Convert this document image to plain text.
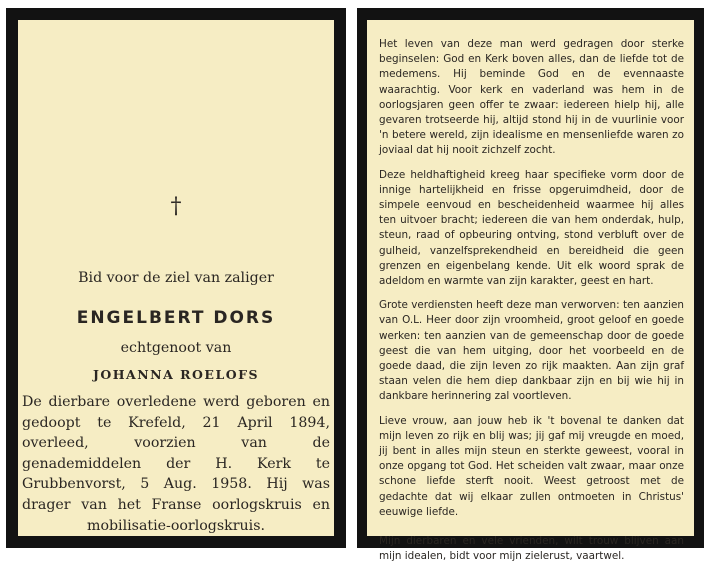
†
Bid voor de ziel van zaliger
ENGELBERT DORS
echtgenoot van
JOHANNA ROELOFS
De dierbare overledene werd geboren en gedoopt te Krefeld, 21 April 1894, overleed, voorzien van de genademiddelen der H. Kerk te Grubbenvorst, 5 Aug. 1958. Hij was drager van het Franse oorlogskruis en mobilisatie-oorlogskruis.

Het leven van deze man werd gedragen door sterke beginselen: God en Kerk boven alles, dan de liefde tot de medemens. Hij beminde God en de evennaaste waarachtig. Voor kerk en vaderland was hem in de oorlogsjaren geen offer te zwaar: iedereen hielp hij, alle gevaren trotseerde hij, altijd stond hij in de vuurlinie voor 'n betere wereld, zijn idealisme en mensenliefde waren zo joviaal dat hij nooit zichzelf zocht.

Deze heldhaftigheid kreeg haar specifieke vorm door de innige hartelijkheid en frisse opgeruimdheid, door de simpele eenvoud en bescheidenheid waarmee hij alles ten uitvoer bracht; iedereen die van hem onderdak, hulp, steun, raad of opbeuring ontving, stond verbluft over de gulheid, vanzelfsprekendheid en bereidheid die geen grenzen en eigenbelang kende. Uit elk woord sprak de adeldom en warmte van zijn karakter, geest en hart.

Grote verdiensten heeft deze man verworven: ten aanzien van O.L. Heer door zijn vroomheid, groot geloof en goede werken: ten aanzien van de gemeenschap door de goede geest die van hem uitging, door het voorbeeld en de goede daad, die zijn leven zo rijk maakten. Aan zijn graf staan velen die hem diep dankbaar zijn en bij wie hij in dankbare herinnering zal voortleven.

Lieve vrouw, aan jouw heb ik 't bovenal te danken dat mijn leven zo rijk en blij was; jij gaf mij vreugde en moed, jij bent in alles mijn steun en sterkte geweest, vooral in onze opgang tot God. Het scheiden valt zwaar, maar onze schone liefde sterft nooit. Weest getroost met de gedachte dat wij elkaar zullen ontmoeten in Christus' eeuwige liefde.

Mijn dierbaren en vele vrienden, wilt trouw blijven aan mijn idealen, bidt voor mijn zielerust, vaartwel.
